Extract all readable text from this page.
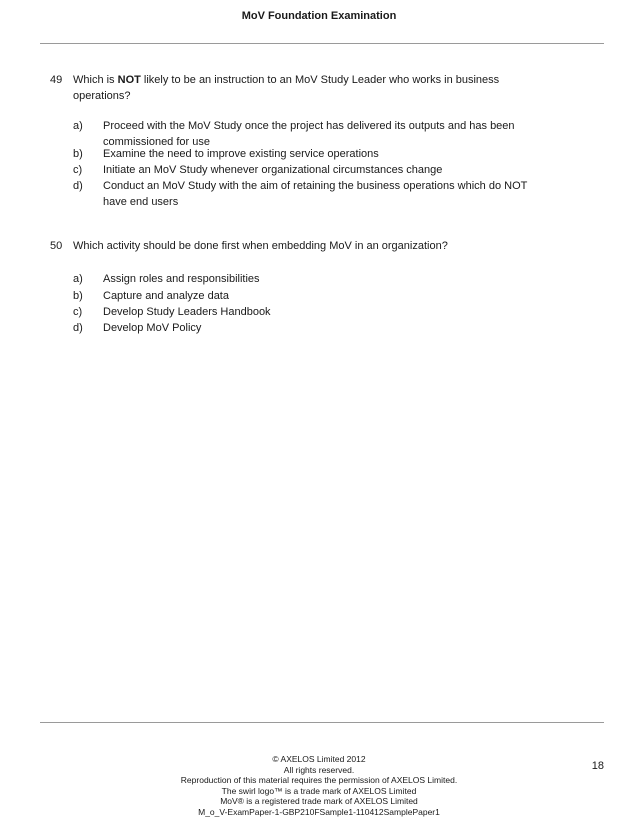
MoV Foundation Examination
49 Which is NOT likely to be an instruction to an MoV Study Leader who works in business operations?
a) Proceed with the MoV Study once the project has delivered its outputs and has been commissioned for use
b) Examine the need to improve existing service operations
c) Initiate an MoV Study whenever organizational circumstances change
d) Conduct an MoV Study with the aim of retaining the business operations which do NOT have end users
50 Which activity should be done first when embedding MoV in an organization?
a) Assign roles and responsibilities
b) Capture and analyze data
c) Develop Study Leaders Handbook
d) Develop MoV Policy
© AXELOS Limited 2012
All rights reserved.
Reproduction of this material requires the permission of AXELOS Limited.
The swirl logo™ is a trade mark of AXELOS Limited
MoV® is a registered trade mark of AXELOS Limited
M_o_V-ExamPaper-1-GBP210FSample1-110412SamplePaper1
18
